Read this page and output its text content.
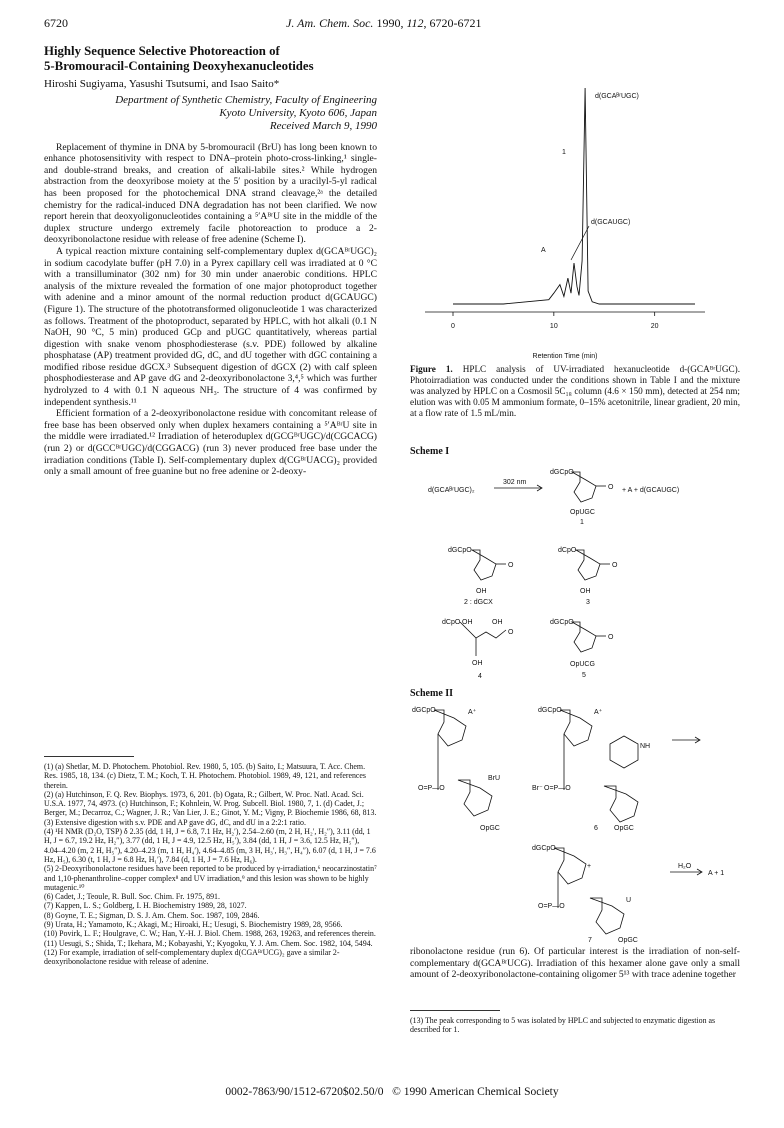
6720	J. Am. Chem. Soc. 1990, 112, 6720-6721
Highly Sequence Selective Photoreaction of
5-Bromouracil-Containing Deoxyhexanucleotides
Hiroshi Sugiyama, Yasushi Tsutsumi, and Isao Saito*
Department of Synthetic Chemistry, Faculty of Engineering
Kyoto University, Kyoto 606, Japan
Received March 9, 1990

Replacement of thymine in DNA by 5-bromouracil (BrU) has long been known to enhance photosensitivity with respect to DNA–protein photo-cross-linking,¹ single- and double-strand breaks, and creation of alkali-labile sites.² While hydrogen abstraction from the deoxyribose moiety at the 5′ position by a uracilyl-5-yl radical has been proposed for the photochemical DNA strand cleavage,²ᵃ the detailed chemistry for the radical-induced DNA degradation has not been clarified. We now report herein that deoxyoligonucleotides containing a ⁵′AᴮʳU site in the middle of the duplex structure undergo extremely facile photoreaction to produce a 2-deoxyribonolactone residue with release of free adenine (Scheme I).

A typical reaction mixture containing self-complementary duplex d(GCAᴮʳUGC)₂ in sodium cacodylate buffer (pH 7.0) in a Pyrex capillary cell was irradiated at 0 °C with a transilluminator (302 nm) for 30 min under anaerobic conditions. HPLC analysis of the mixture revealed the formation of one major photoproduct together with adenine and a minor amount of the normal reduction product d(GCAUGC) (Figure 1). The structure of the phototransformed oligonucleotide 1 was characterized as follows. Treatment of the photoproduct, separated by HPLC, with hot alkali (0.1 N NaOH, 90 °C, 5 min) produced GCp and pUGC quantitatively, whereas partial digestion with snake venom phosphodiesterase (s.v. PDE) followed by alkaline phosphatase (AP) treatment provided dG, dC, and dU together with dGC containing a modified ribose residue dGCX.³ Subsequent digestion of dGCX (2) with calf spleen phosphodiesterase and AP gave dG and 2-deoxyribonolactone 3,⁴,⁵ which was further hydrolyzed to 4 with 0.1 N aqueous NH₃. The structure of 4 was confirmed by independent synthesis.¹¹

Efficient formation of a 2-deoxyribonolactone residue with concomitant release of free base has been observed only when duplex hexamers containing a ⁵′AᴮʳU site in the middle were irradiated.¹² Irradiation of heteroduplex d(GCGᴮʳUGC)/d(CGCACG) (run 2) or d(GCCᴮʳUGC)/d(CGGACG) (run 3) never produced free base under the irradiation conditions (Table I). Self-complementary duplex d(CGᴮʳUACG)₂ provided only a small amount of free guanine but no free adenine or 2-deoxy-

(1) (a) Shetlar, M. D. Photochem. Photobiol. Rev. 1980, 5, 105. (b) Saito, I.; Matsuura, T. Acc. Chem. Res. 1985, 18, 134. (c) Dietz, T. M.; Koch, T. H. Photochem. Photobiol. 1989, 49, 121, and references therein.
(2) (a) Hutchinson, F. Q. Rev. Biophys. 1973, 6, 201. (b) Ogata, R.; Gilbert, W. Proc. Natl. Acad. Sci. U.S.A. 1977, 74, 4973. (c) Hutchinson, F.; Kohnlein, W. Prog. Subcell. Biol. 1980, 7, 1. (d) Cadet, J.; Berger, M.; Decarroz, C.; Wagner, J. R.; Van Lier, J. E.; Ginot, Y. M.; Vigny, P. Biochemie 1986, 68, 813.
(3) Extensive digestion with s.v. PDE and AP gave dG, dC, and dU in a 2:2:1 ratio.
(4) ¹H NMR (D₂O, TSP) δ 2.35 (dd, 1 H, J = 6.8, 7.1 Hz, H₂′), 2.54–2.60 (m, 2 H, H₂′, H₂″), 3.11 (dd, 1 H, J = 6.7, 19.2 Hz, H₂″), 3.77 (dd, 1 H, J = 4.9, 12.5 Hz, H₅′), 3.84 (dd, 1 H, J = 3.6, 12.5 Hz, H₅″), 4.04–4.20 (m, 2 H, H₅″), 4.20–4.23 (m, 1 H, H₄′), 4.64–4.85 (m, 3 H, H₃′, H₃″, H₄″), 6.07 (d, 1 H, J = 7.6 Hz, H₅), 6.30 (t, 1 H, J = 6.8 Hz, H₁′), 7.84 (d, 1 H, J = 7.6 Hz, H₆).
(5) 2-Deoxyribonolactone residues have been reported to be produced by γ-irradiation,⁶ neocarzinostatin⁷ and 1,10-phenanthroline–copper complex⁸ and UV irradiation,⁹ and this lesion was shown to be highly mutagenic.¹⁰
(6) Cadet, J.; Teoule, R. Bull. Soc. Chim. Fr. 1975, 891.
(7) Kappen, L. S.; Goldberg, I. H. Biochemistry 1989, 28, 1027.
(8) Goyne, T. E.; Sigman, D. S. J. Am. Chem. Soc. 1987, 109, 2846.
(9) Urata, H.; Yamamoto, K.; Akagi, M.; Hiroaki, H.; Uesugi, S. Biochemistry 1989, 28, 9566.
(10) Povirk, L. F.; Houlgrave, C. W.; Han, Y.-H. J. Biol. Chem. 1988, 263, 19263, and references therein.
(11) Uesugi, S.; Shida, T.; Ikehara, M.; Kobayashi, Y.; Kyogoku, Y. J. Am. Chem. Soc. 1982, 104, 5494.
(12) For example, irradiation of self-complementary duplex d(CGAᴮʳUCG)₂ gave a similar 2-deoxyribonolactone residue with release of adenine.
0	10	20
d(GCAᴮʳUGC)
1
d(GCAUGC)
A
Retention Time (min)
Figure 1. HPLC analysis of UV-irradiated hexanucleotide d-(GCAᴮʳUGC). Photoirradiation was conducted under the conditions shown in Table I and the mixture was analyzed by HPLC on a Cosmosil 5C₁₈ column (4.6 × 150 mm), detected at 254 nm; elution was with 0.05 M ammonium formate, 0–15% acetonitrile, linear gradient, 20 min, at a flow rate of 1.5 mL/min.
Scheme I
d(GCAᴮʳUGC)₂
302 nm
dGCpO
O
OpUGC
1
+ A + d(GCAUGC)
dGCpO
O
OH
2 : dGCX
dCpO
O
OH
3
dCpO OH	OH
OH
O
4
dGCpO
O
OpUCG
5
Scheme II
dGCpO	A⁺
O=P—O
BrU
OpGC
Br⁻
dGCpO	A⁺
O=P—O
NH
6 OpGC
dGCpO
+
O=P—O
U
7	OpGC
H₂O
A + 1
ribonolactone residue (run 6). Of particular interest is the irradiation of non-self-complementary d(GCAᴮʳUCG). Irradiation of this hexamer alone gave only a small amount of 2-deoxyribonolactone-containing oligomer 5¹³ with trace adenine together
(13) The peak corresponding to 5 was isolated by HPLC and subjected to enzymatic digestion as described for 1.
0002-7863/90/1512-6720$02.50/0 © 1990 American Chemical Society
